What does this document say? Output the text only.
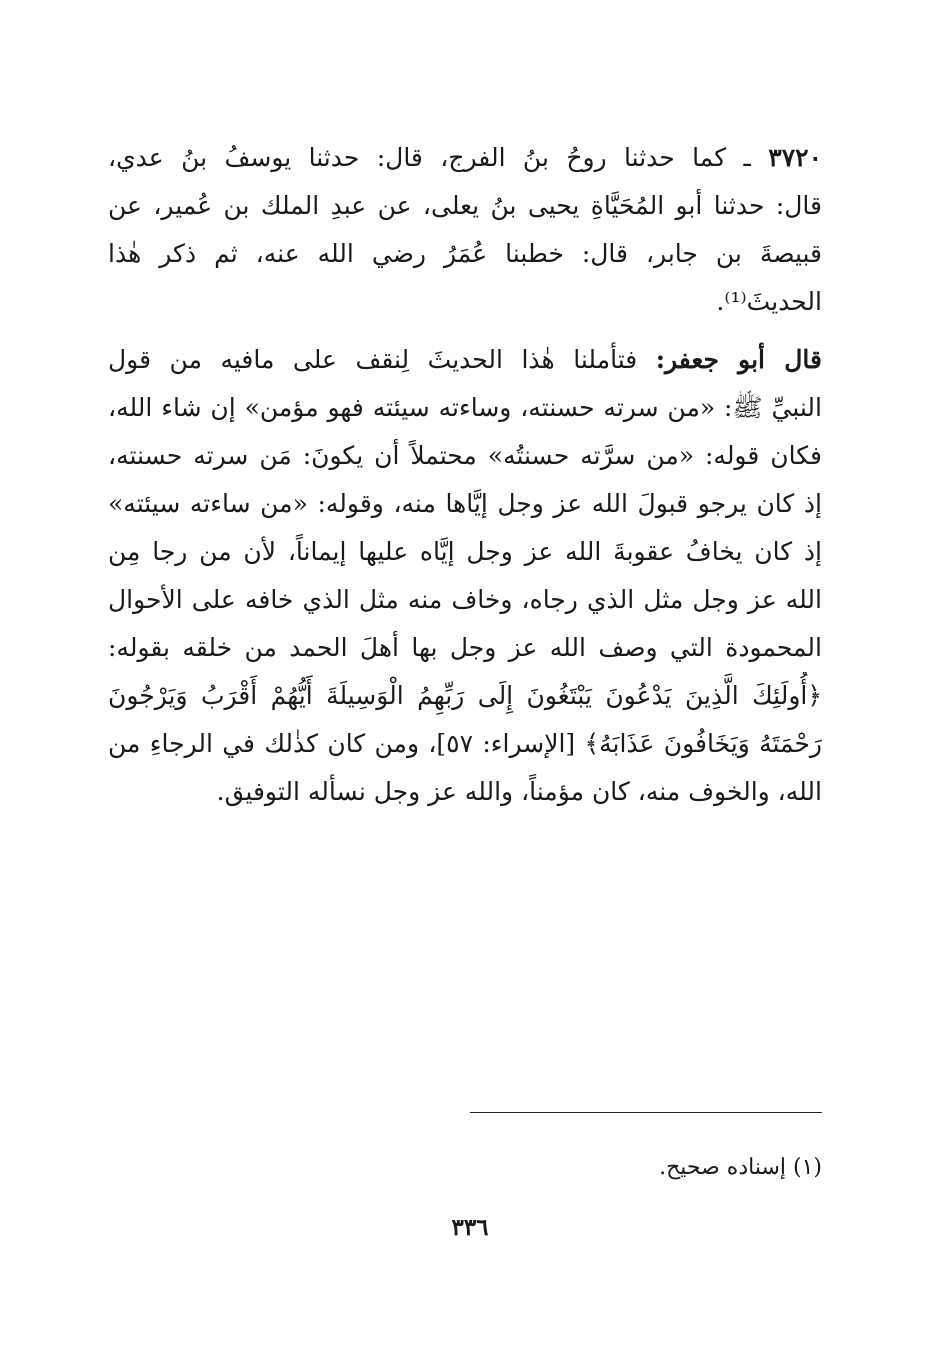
٣٧٢٠ ـ كما حدثنا روحُ بنُ الفرج، قال: حدثنا يوسفُ بنُ عدي،
قال: حدثنا أبو المُحَيَّاةِ يحيى بنُ يعلى، عن عبدِ الملك بن عُمير، عن
قبيصةَ بن جابر، قال: خطبنا عُمَرُ رضي الله عنه، ثم ذكر هٰذا
الحديثَ⁽¹⁾.
قال أبو جعفر: فتأملنا هٰذا الحديثَ لِنقف على مافيه من قول
النبيِّ ﷺ: «من سرته حسنته، وساءته سيئته فهو مؤمن» إن شاء الله،
فكان قوله: «من سرَّته حسنتُه» محتملاً أن يكونَ: مَن سرته حسنته،
إذ كان يرجو قبولَ الله عز وجل إيَّاها منه، وقوله: «من ساءته سيئته»
إذ كان يخافُ عقوبةَ الله عز وجل إيَّاه عليها إيماناً، لأن من رجا مِن
الله عز وجل مثل الذي رجاه، وخاف منه مثل الذي خافه على الأحوال
المحمودة التي وصف الله عز وجل بها أهلَ الحمد من خلقه بقوله:
﴿أُولَئِكَ الَّذِينَ يَدْعُونَ يَبْتَغُونَ إِلَى رَبِّهِمُ الْوَسِيلَةَ أَيُّهُمْ أَقْرَبُ وَيَرْجُونَ
رَحْمَتَهُ وَيَخَافُونَ عَذَابَهُ﴾ [الإسراء: ٥٧]، ومن كان كذٰلك في الرجاءِ من
الله، والخوف منه، كان مؤمناً، والله عز وجل نسأله التوفيق.
(١) إسناده صحيح.
٣٣٦
